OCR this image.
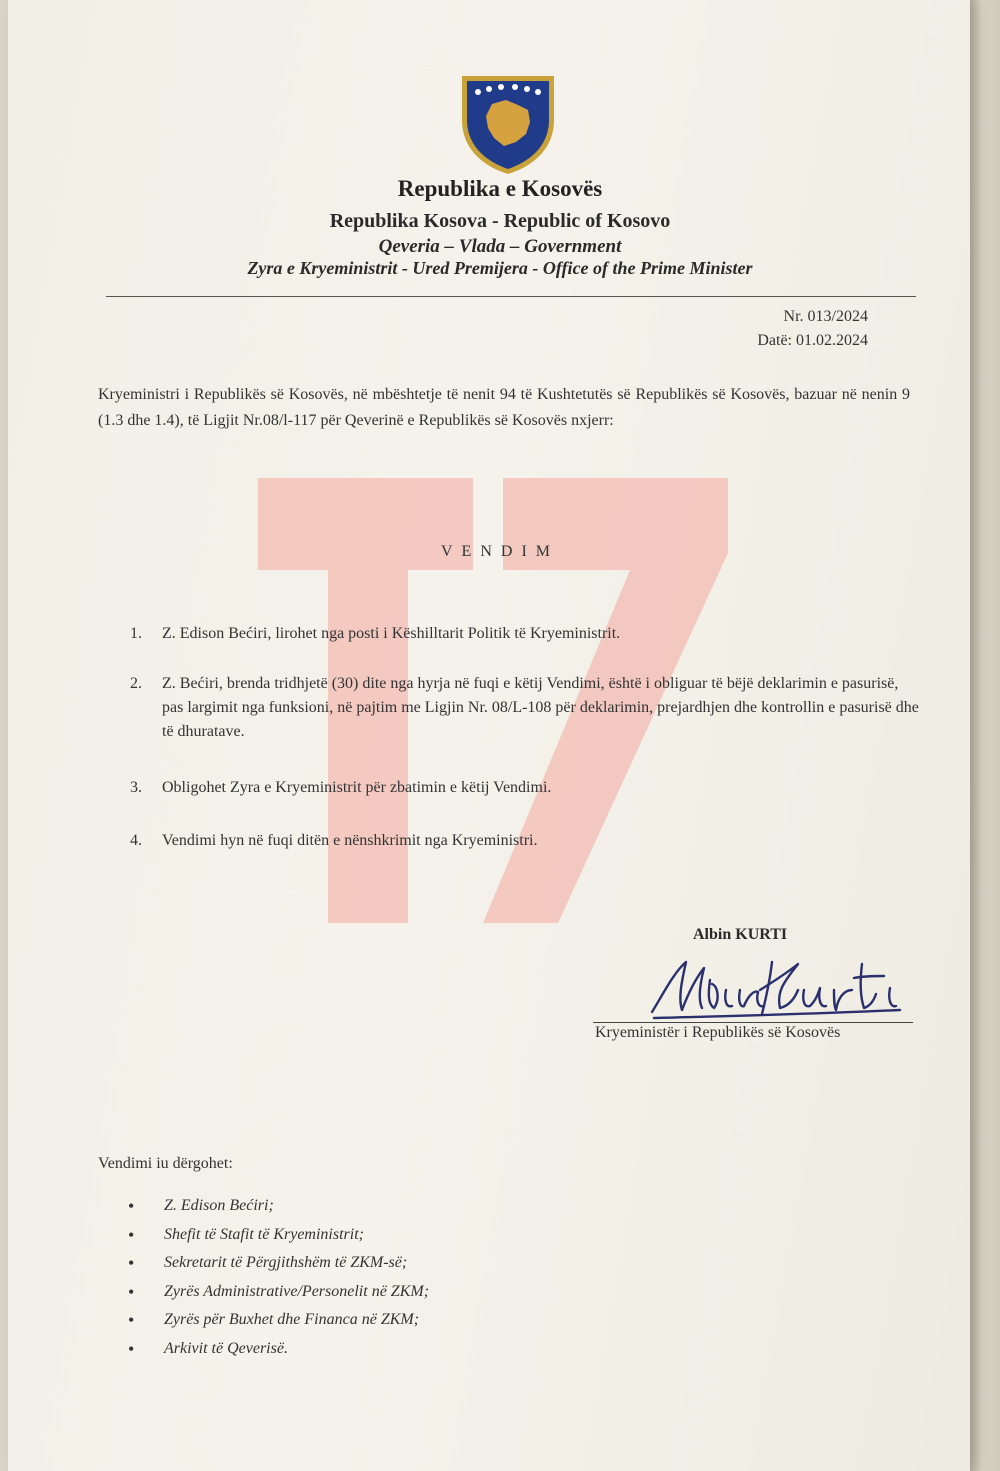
Republika e Kosovës

Republika Kosova - Republic of Kosovo

Qeveria – Vlada – Government

Zyra e Kryeministrit - Ured Premijera - Office of the Prime Minister

Nr. 013/2024
Datë: 01.02.2024

Kryeministri i Republikës së Kosovës, në mbështetje të nenit 94 të Kushtetutës së Republikës së Kosovës, bazuar në nenin 9 (1.3 dhe 1.4), të Ligjit Nr.08/l-117 për Qeverinë e Republikës së Kosovës nxjerr:

VENDIM

1. Z. Edison Bećiri, lirohet nga posti i Këshilltarit Politik të Kryeministrit.
2. Z. Bećiri, brenda tridhjetë (30) dite nga hyrja në fuqi e këtij Vendimi, është i obliguar të bëjë deklarimin e pasurisë, pas largimit nga funksioni, në pajtim me Ligjin Nr. 08/L-108 për deklarimin, prejardhjen dhe kontrollin e pasurisë dhe të dhuratave.
3. Obligohet Zyra e Kryeministrit për zbatimin e këtij Vendimi.
4. Vendimi hyn në fuqi ditën e nënshkrimit nga Kryeministri.

Albin KURTI

Kryeministër i Republikës së Kosovës

Vendimi iu dërgohet:

• Z. Edison Bećiri;
• Shefit të Stafit të Kryeministrit;
• Sekretarit të Përgjithshëm të ZKM-së;
• Zyrës Administrative/Personelit në ZKM;
• Zyrës për Buxhet dhe Financa në ZKM;
• Arkivit të Qeverisë.
